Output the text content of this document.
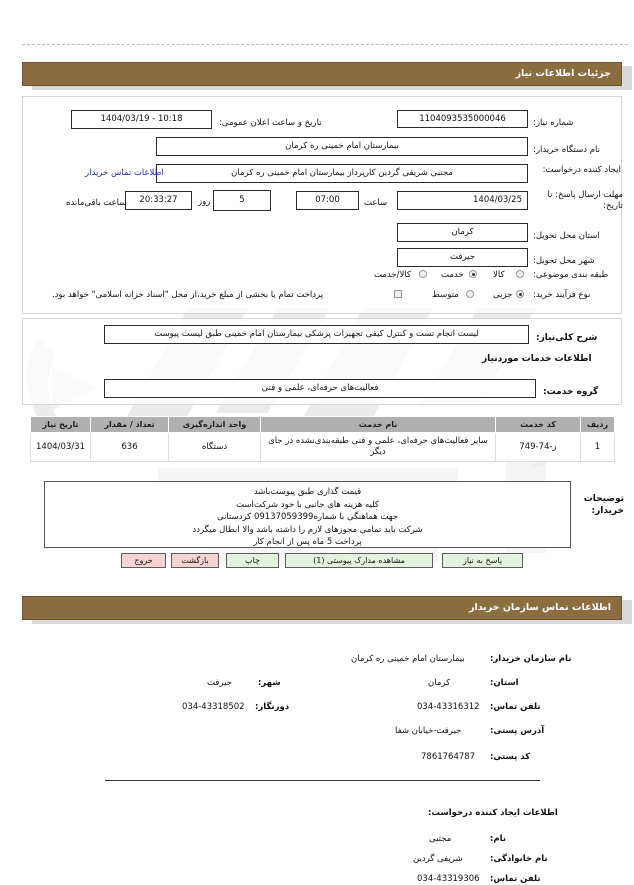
جزئیات اطلاعات نیاز
شماره نیاز:
1104093535000046
تاریخ و ساعت اعلان عمومی:
1404/03/19 - 10:18
نام دستگاه خریدار:
بیمارستان امام خمینی ره کرمان
ایجاد کننده درخواست:
مجتبی شریفی گردین کارپرداز بیمارستان امام خمینی ره کرمان
اطلاعات تماس خریدار
مهلت ارسال پاسخ: تا تاریخ:
1404/03/25
ساعت
07:00
5
روز
20:33:27
ساعت باقی‌مانده
استان محل تحویل:
کرمان
شهر محل تحویل:
جیرفت
طبقه بندی موضوعی:
کالا
خدمت
کالا/خدمت
نوع فرآیند خرید:
جزیی
متوسط
پرداخت تمام یا بخشی از مبلغ خرید،از محل "اسناد خزانه اسلامی" خواهد بود.
شرح کلی‌نیاز:
لیست انجام تست و کنترل کیفی تجهیزات پزشکی بیمارستان امام خمینی طبق لیست پیوست
اطلاعات خدمات موردنیاز
گروه خدمت:
فعالیت‌های حرفه‌ای، علمی و فنی
ردیف	کد خدمت	نام خدمت	واحد اندازه‌گیری	تعداد / مقدار	تاریخ نیاز
1	ز-74-749	سایر فعالیت‌های حرفه‌ای، علمی و فنی طبقه‌بندی‌نشده در جای دیگر	دستگاه	636	1404/03/31
توضیحات خریدار:
قیمت گذاری طبق پیوست‌باشد
کلیه هزینه های جانبی با خود شرکت‌است
جهت هماهنگی با شماره09137059399 کردستانی
شرکت باید تمامی مجوزهای لازم را داشته باشد والا ابطال میگردد
پرداخت 5 ماه پس از انجام کار
پاسخ به نیاز
مشاهده مدارک پیوستی (1)
چاپ
بازگشت
خروج
اطلاعات تماس سازمان خریدار
نام سازمان خریدار:
بیمارستان امام خمینی ره کرمان
استان:
کرمان
شهر:
جیرفت
تلفن تماس:
034-43316312
دورنگار:
034-43318502
آدرس پستی:
جیرفت-خیابان شفا
کد پستی:
7861764787
اطلاعات ایجاد کننده درخواست:
نام:
مجتبی
نام خانوادگی:
شریفی گردین
تلفن تماس:
034-43319306
